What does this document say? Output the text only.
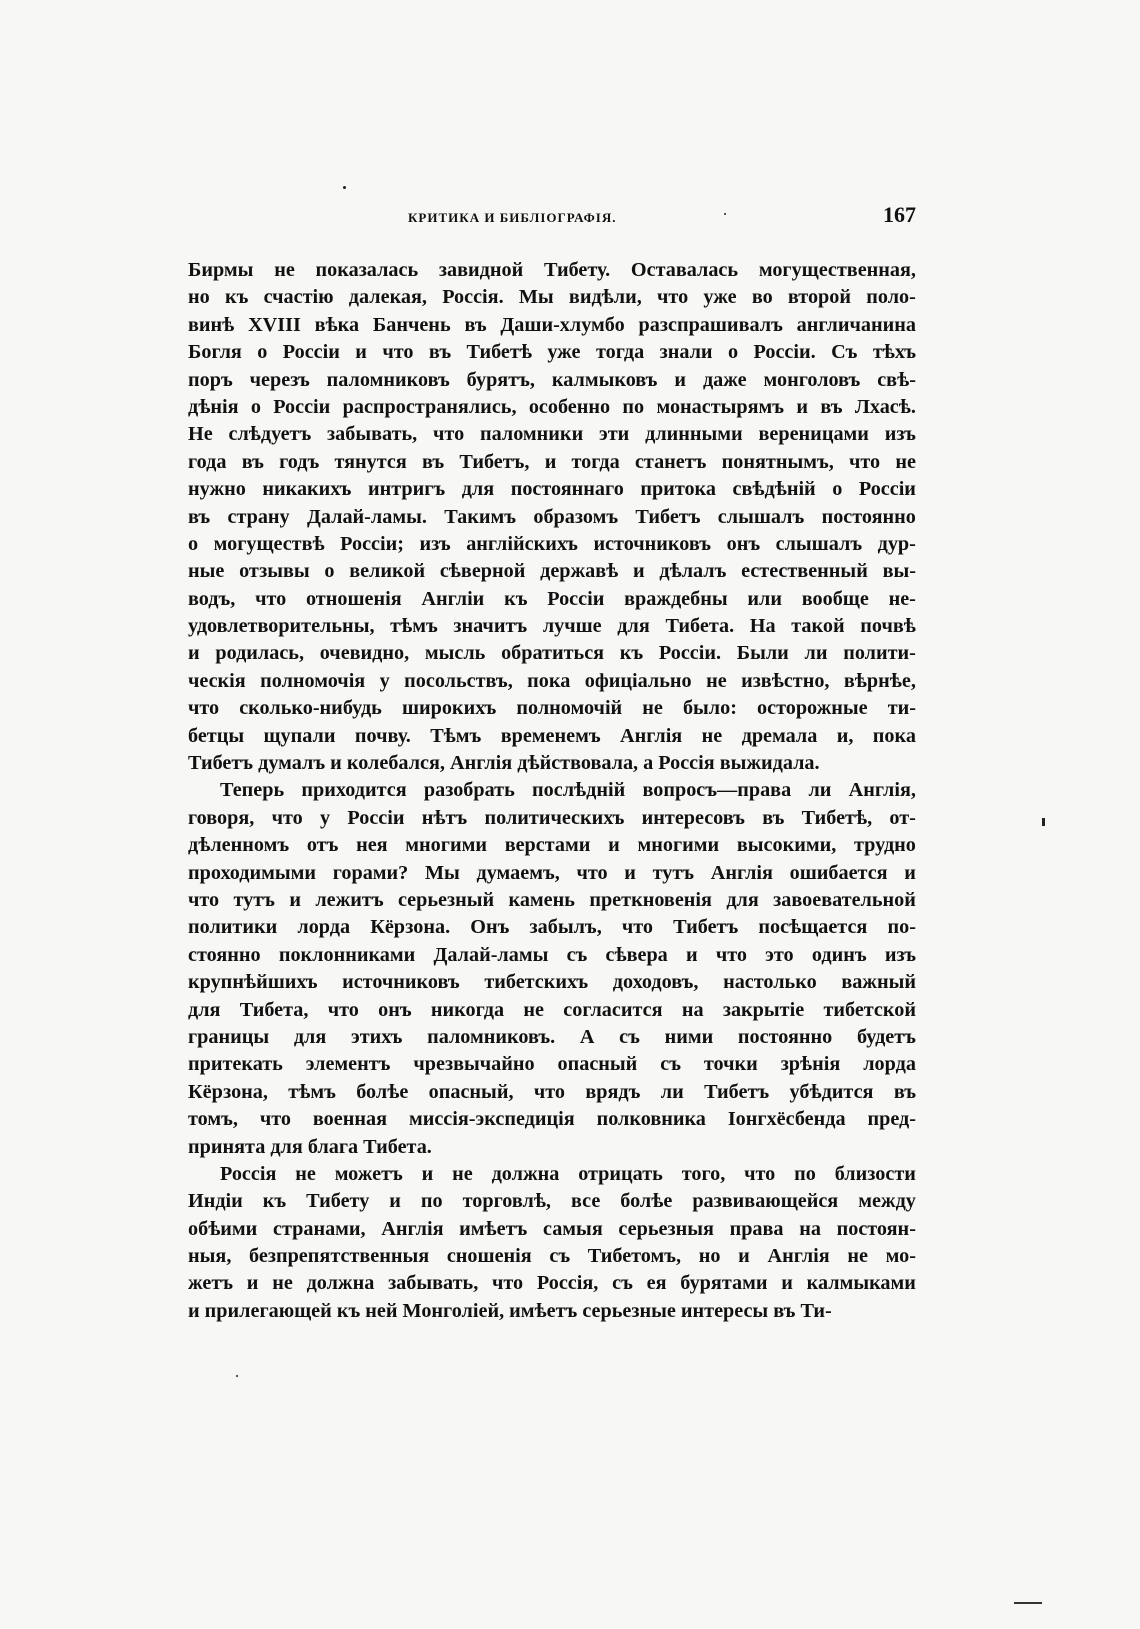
КРИТИКА И БИБЛІОГРАФІЯ.	167
Бирмы не показалась завидной Тибету. Оставалась могущественная,
но къ счастію далекая, Россія. Мы видѣли, что уже во второй поло-
винѣ XVIII вѣка Банчень въ Даши-хлумбо разспрашивалъ англичанина
Богля о Россіи и что въ Тибетѣ уже тогда знали о Россіи. Съ тѣхъ
поръ черезъ паломниковъ бурятъ, калмыковъ и даже монголовъ свѣ-
дѣнія о Россіи распространялись, особенно по монастырямъ и въ Лхасѣ.
Не слѣдуетъ забывать, что паломники эти длинными вереницами изъ
года въ годъ тянутся въ Тибетъ, и тогда станетъ понятнымъ, что не
нужно никакихъ интригъ для постояннаго притока свѣдѣній о Россіи
въ страну Далай-ламы. Такимъ образомъ Тибетъ слышалъ постоянно
о могуществѣ Россіи; изъ англійскихъ источниковъ онъ слышалъ дур-
ные отзывы о великой сѣверной державѣ и дѣлалъ естественный вы-
водъ, что отношенія Англіи къ Россіи враждебны или вообще не-
удовлетворительны, тѣмъ значитъ лучше для Тибета. На такой почвѣ
и родилась, очевидно, мысль обратиться къ Россіи. Были ли полити-
ческія полномочія у посольствъ, пока офиціально не извѣстно, вѣрнѣе,
что сколько-нибудь широкихъ полномочій не было: осторожные ти-
бетцы щупали почву. Тѣмъ временемъ Англія не дремала и, пока
Тибетъ думалъ и колебался, Англія дѣйствовала, а Россія выжидала.
Теперь приходится разобрать послѣдній вопросъ—права ли Англія,
говоря, что у Россіи нѣтъ политическихъ интересовъ въ Тибетѣ, от-
дѣленномъ отъ нея многими верстами и многими высокими, трудно
проходимыми горами? Мы думаемъ, что и тутъ Англія ошибается и
что тутъ и лежитъ серьезный камень преткновенія для завоевательной
политики лорда Кёрзона. Онъ забылъ, что Тибетъ посѣщается по-
стоянно поклонниками Далай-ламы съ сѣвера и что это одинъ изъ
крупнѣйшихъ источниковъ тибетскихъ доходовъ, настолько важный
для Тибета, что онъ никогда не согласится на закрытіе тибетской
границы для этихъ паломниковъ. А съ ними постоянно будетъ
притекать элементъ чрезвычайно опасный съ точки зрѣнія лорда
Кёрзона, тѣмъ болѣе опасный, что врядъ ли Тибетъ убѣдится въ
томъ, что военная миссія-экспедиція полковника Іонгхёсбенда пред-
принята для блага Тибета.
Россія не можетъ и не должна отрицать того, что по близости
Индіи къ Тибету и по торговлѣ, все болѣе развивающейся между
обѣими странами, Англія имѣетъ самыя серьезныя права на постоян-
ныя, безпрепятственныя сношенія съ Тибетомъ, но и Англія не мо-
жетъ и не должна забывать, что Россія, съ ея бурятами и калмыками
и прилегающей къ ней Монголіей, имѣетъ серьезные интересы въ Ти-
